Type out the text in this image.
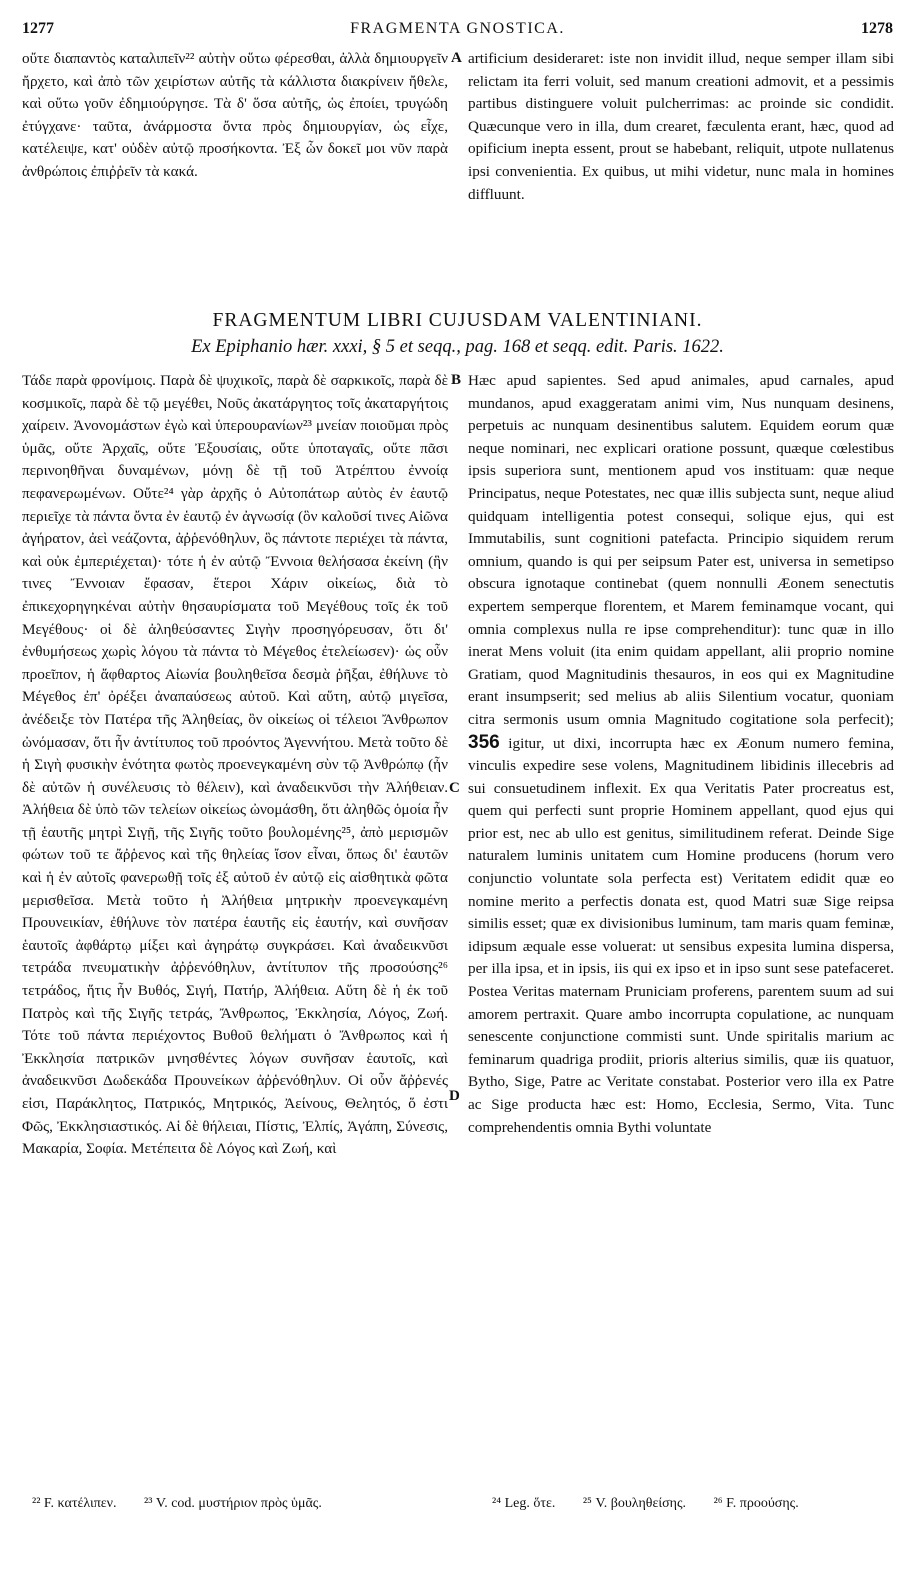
1277	FRAGMENTA GNOSTICA.	1278

οὔτε διαπαντὸς καταλιπεῖν²² αὐτὴν οὕτω φέρεσθαι, ἀλλὰ δημιουργεῖν ἤρχετο, καὶ ἀπὸ τῶν χειρίστων αὐτῆς τὰ κάλλιστα διακρίνειν ἤθελε, καὶ οὕτω γοῦν ἐδημιούργησε. Τὰ δ' ὅσα αὐτῆς, ὡς ἐποίει, τρυγώδη ἐτύγχανε· ταῦτα, ἀνάρμοστα ὄντα πρὸς δημιουργίαν, ὡς εἶχε, κατέλειψε, κατ' οὐδὲν αὐτῷ προσήκοντα. Ἐξ ὧν δοκεῖ μοι νῦν παρὰ ἀνθρώποις ἐπιῤῥεῖν τὰ κακά.

A artificium desideraret: iste non invidit illud, neque semper illam sibi relictam ita ferri voluit, sed manum creationi admovit, et a pessimis partibus distinguere voluit pulcherrimas: ac proinde sic condidit. Quæcunque vero in illa, dum crearet, fæculenta erant, hæc, quod ad opificium inepta essent, prout se habebant, reliquit, utpote nullatenus ipsi convenientia. Ex quibus, ut mihi videtur, nunc mala in homines diffluunt.

FRAGMENTUM LIBRI CUJUSDAM VALENTINIANI.
Ex Epiphanio hær. xxxi, § 5 et seqq., pag. 168 et seqq. edit. Paris. 1622.

Τάδε παρὰ φρονίμοις. Παρὰ δὲ ψυχικοῖς, παρὰ δὲ σαρκικοῖς, παρὰ δὲ κοσμικοῖς, παρὰ δὲ τῷ μεγέθει, Νοῦς ἀκατάργητος τοῖς ἀκαταργήτοις χαίρειν. Ἀνονομάστων ἐγὼ καὶ ὑπερουρανίων²³ μνείαν ποιοῦμαι πρὸς ὑμᾶς, οὔτε Ἀρχαῖς, οὔτε Ἐξουσίαις, οὔτε ὑποταγαῖς, οὔτε πᾶσι περινοηθῆναι δυναμένων, μόνῃ δὲ τῇ τοῦ Ἀτρέπτου ἐννοίᾳ πεφανερωμένων. Οὔτε²⁴ γὰρ ἀρχῆς ὁ Αὐτοπάτωρ αὐτὸς ἐν ἑαυτῷ περιεῖχε τὰ πάντα ὄντα ἐν ἑαυτῷ ἐν ἀγνωσίᾳ (ὃν καλοῦσί τινες Αἰῶνα ἀγήρατον, ἀεὶ νεάζοντα, ἀῤῥενόθηλυν, ὃς πάντοτε περιέχει τὰ πάντα, καὶ οὐκ ἐμπεριέχεται)· τότε ἡ ἐν αὐτῷ Ἔννοια θελήσασα ἐκείνη (ἣν τινες Ἔννοιαν ἔφασαν, ἕτεροι Χάριν οἰκείως, διὰ τὸ ἐπικεχορηγηκέναι αὐτὴν θησαυρίσματα τοῦ Μεγέθους τοῖς ἐκ τοῦ Μεγέθους· οἱ δὲ ἀληθεύσαντες Σιγὴν προσηγόρευσαν, ὅτι δι' ἐνθυμήσεως χωρὶς λόγου τὰ πάντα τὸ Μέγεθος ἐτελείωσεν)· ὡς οὖν προεῖπον, ἡ ἄφθαρτος Αἰωνία βουληθεῖσα δεσμὰ ῥῆξαι, ἐθήλυνε τὸ Μέγεθος ἐπ' ὀρέξει ἀναπαύσεως αὐτοῦ. Καὶ αὕτη, αὐτῷ μιγεῖσα, ἀνέδειξε τὸν Πατέρα τῆς Ἀληθείας, ὃν οἰκείως οἱ τέλειοι Ἄνθρωπον ὠνόμασαν, ὅτι ἦν ἀντίτυπος τοῦ προόντος Ἀγεννήτου. Μετὰ τοῦτο δὲ ἡ Σιγὴ φυσικὴν ἑνότητα φωτὸς προενεγκαμένη σὺν τῷ Ἀνθρώπῳ (ἦν δὲ αὐτῶν ἡ συνέλευσις τὸ θέλειν), καὶ ἀναδεικνῦσι τὴν Ἀλήθειαν. Ἀλήθεια δὲ ὑπὸ τῶν τελείων οἰκείως ὠνομάσθη, ὅτι ἀληθῶς ὁμοία ἦν τῇ ἑαυτῆς μητρὶ Σιγῇ, τῆς Σιγῆς τοῦτο βουλομένης²⁵, ἀπὸ μερισμῶν φώτων τοῦ τε ἄῤῥενος καὶ τῆς θηλείας ἴσον εἶναι, ὅπως δι' ἑαυτῶν καὶ ἡ ἐν αὐτοῖς φανερωθῇ τοῖς ἐξ αὐτοῦ ἐν αὐτῷ εἰς αἰσθητικὰ φῶτα μερισθεῖσα. Μετὰ τοῦτο ἡ Ἀλήθεια μητρικὴν προενεγκαμένη Προυνεικίαν, ἐθήλυνε τὸν πατέρα ἑαυτῆς εἰς ἑαυτήν, καὶ συνῆσαν ἑαυτοῖς ἀφθάρτῳ μίξει καὶ ἀγηράτῳ συγκράσει. Καὶ ἀναδεικνῦσι τετράδα πνευματικὴν ἀῤῥενόθηλυν, ἀντίτυπον τῆς προσούσης²⁶ τετράδος, ἥτις ἦν Βυθός, Σιγή, Πατήρ, Ἀλήθεια. Αὕτη δὲ ἡ ἐκ τοῦ Πατρὸς καὶ τῆς Σιγῆς τετράς, Ἄνθρωπος, Ἐκκλησία, Λόγος, Ζωή. Τότε τοῦ πάντα περιέχοντος Βυθοῦ θελήματι ὁ Ἄνθρωπος καὶ ἡ Ἐκκλησία πατρικῶν μνησθέντες λόγων συνῆσαν ἑαυτοῖς, καὶ ἀναδεικνῦσι Δωδεκάδα Προυνείκων ἀῤῥενόθηλυν. Οἱ οὖν ἄῤῥενές εἰσι, Παράκλητος, Πατρικός, Μητρικός, Ἀείνους, Θελητός, ὅ ἐστι Φῶς, Ἐκκλησιαστικός. Αἱ δὲ θήλειαι, Πίστις, Ἐλπίς, Ἀγάπη, Σύνεσις, Μακαρία, Σοφία. Μετέπειτα δὲ Λόγος καὶ Ζωή, καὶ

B
C
D

Hæc apud sapientes. Sed apud animales, apud carnales, apud mundanos, apud exaggeratam animi vim, Nus nunquam desinens, perpetuis ac nunquam desinentibus salutem. Equidem eorum quæ neque nominari, nec explicari oratione possunt, quæque cœlestibus ipsis superiora sunt, mentionem apud vos instituam: quæ neque Principatus, neque Potestates, nec quæ illis subjecta sunt, neque aliud quidquam intelligentia potest consequi, solique ejus, qui est Immutabilis, sunt cognitioni patefacta. Principio siquidem rerum omnium, quando is qui per seipsum Pater est, universa in semetipso obscura ignotaque continebat (quem nonnulli Æonem senectutis expertem semperque florentem, et Marem feminamque vocant, qui omnia complexus nulla re ipse comprehenditur): tunc quæ in illo inerat Mens voluit (ita enim quidam appellant, alii proprio nomine Gratiam, quod Magnitudinis thesauros, in eos qui ex Magnitudine erant insumpserit; sed melius ab aliis Silentium vocatur, quoniam citra sermonis usum omnia Magnitudo cogitatione sola perfecit); 356 igitur, ut dixi, incorrupta hæc ex Æonum numero femina, vinculis expedire sese volens, Magnitudinem libidinis illecebris ad sui consuetudinem inflexit. Ex qua Veritatis Pater procreatus est, quem qui perfecti sunt proprie Hominem appellant, quod ejus qui prior est, nec ab ullo est genitus, similitudinem referat. Deinde Sige naturalem luminis unitatem cum Homine producens (horum vero conjunctio voluntate sola perfecta est) Veritatem edidit quæ eo nomine merito a perfectis donata est, quod Matri suæ Sige reipsa similis esset; quæ ex divisionibus luminum, tam maris quam feminæ, idipsum æquale esse voluerat: ut sensibus expesita lumina dispersa, per illa ipsa, et in ipsis, iis qui ex ipso et in ipso sunt sese patefaceret. Postea Veritas maternam Pruniciam proferens, parentem suum ad sui amorem pertraxit. Quare ambo incorrupta copulatione, ac nunquam senescente conjunctione commisti sunt. Unde spiritalis marium ac feminarum quadriga prodiit, prioris alterius similis, quæ iis quatuor, Bytho, Sige, Patre ac Veritate constabat. Posterior vero illa ex Patre ac Sige producta hæc est: Homo, Ecclesia, Sermo, Vita. Tunc comprehendentis omnia Bythi voluntate

²² F. κατέλιπεν. ²³ V. cod. μυστήριον πρὸς ὑμᾶς.	²⁴ Leg. ὅτε. ²⁵ V. βουληθείσης. ²⁶ F. προούσης.
